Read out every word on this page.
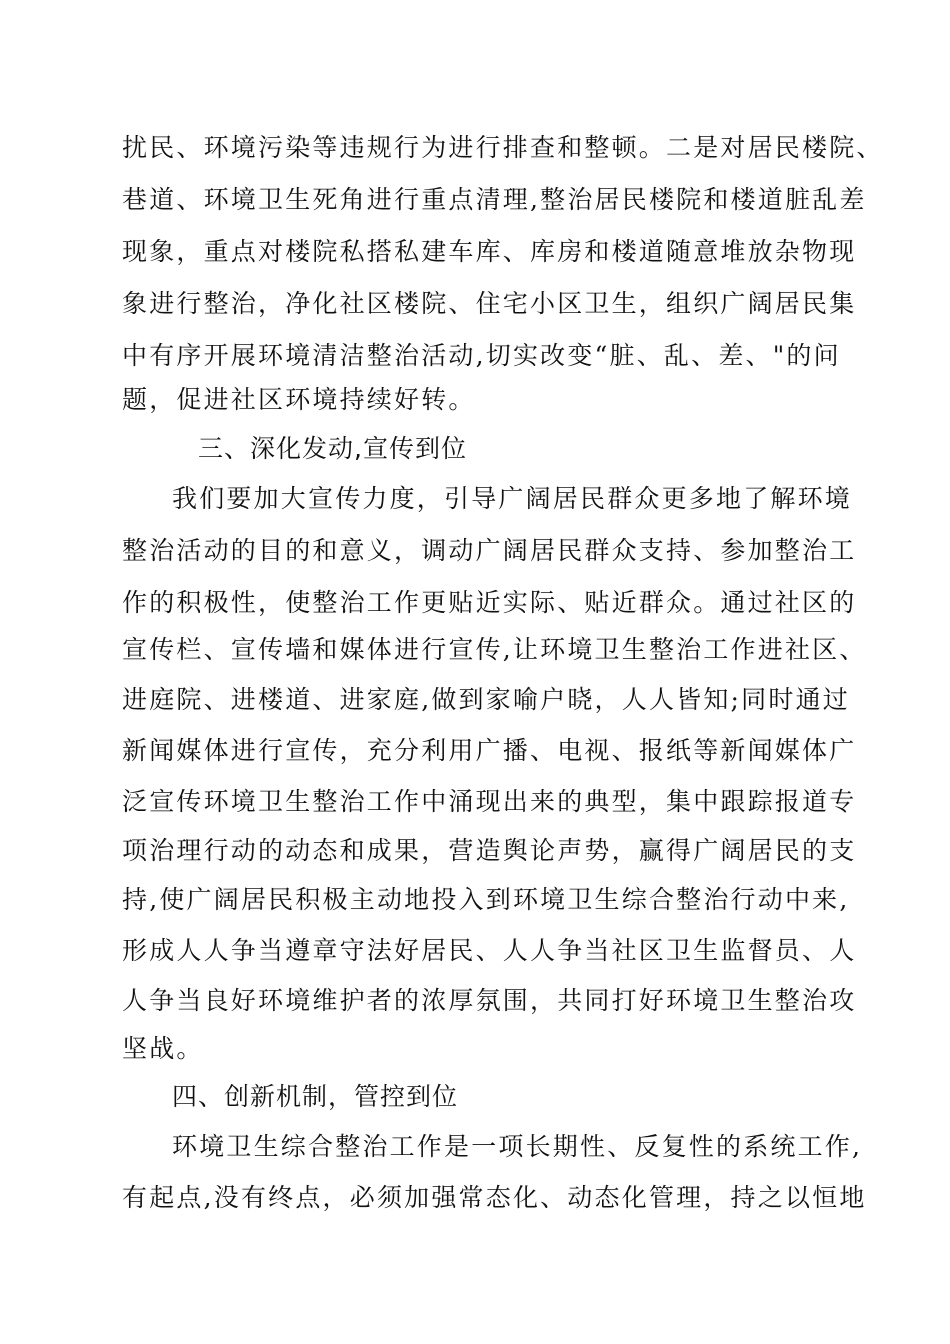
扰民、环境污染等违规行为进行排查和整顿。二是对居民楼院、
巷道、环境卫生死角进行重点清理,整治居民楼院和楼道脏乱差
现象，重点对楼院私搭私建车库、库房和楼道随意堆放杂物现
象进行整治，净化社区楼院、住宅小区卫生，组织广阔居民集
中有序开展环境清洁整治活动,切实改变“脏、乱、差、"的问
题，促进社区环境持续好转。
三、深化发动,宣传到位
我们要加大宣传力度，引导广阔居民群众更多地了解环境
整治活动的目的和意义，调动广阔居民群众支持、参加整治工
作的积极性，使整治工作更贴近实际、贴近群众。通过社区的
宣传栏、宣传墙和媒体进行宣传,让环境卫生整治工作进社区、
进庭院、进楼道、进家庭,做到家喻户晓，人人皆知;同时通过
新闻媒体进行宣传，充分利用广播、电视、报纸等新闻媒体广
泛宣传环境卫生整治工作中涌现出来的典型，集中跟踪报道专
项治理行动的动态和成果，营造舆论声势，赢得广阔居民的支
持,使广阔居民积极主动地投入到环境卫生综合整治行动中来,
形成人人争当遵章守法好居民、人人争当社区卫生监督员、人
人争当良好环境维护者的浓厚氛围，共同打好环境卫生整治攻
坚战。
四、创新机制，管控到位
环境卫生综合整治工作是一项长期性、反复性的系统工作,
有起点,没有终点，必须加强常态化、动态化管理，持之以恒地
